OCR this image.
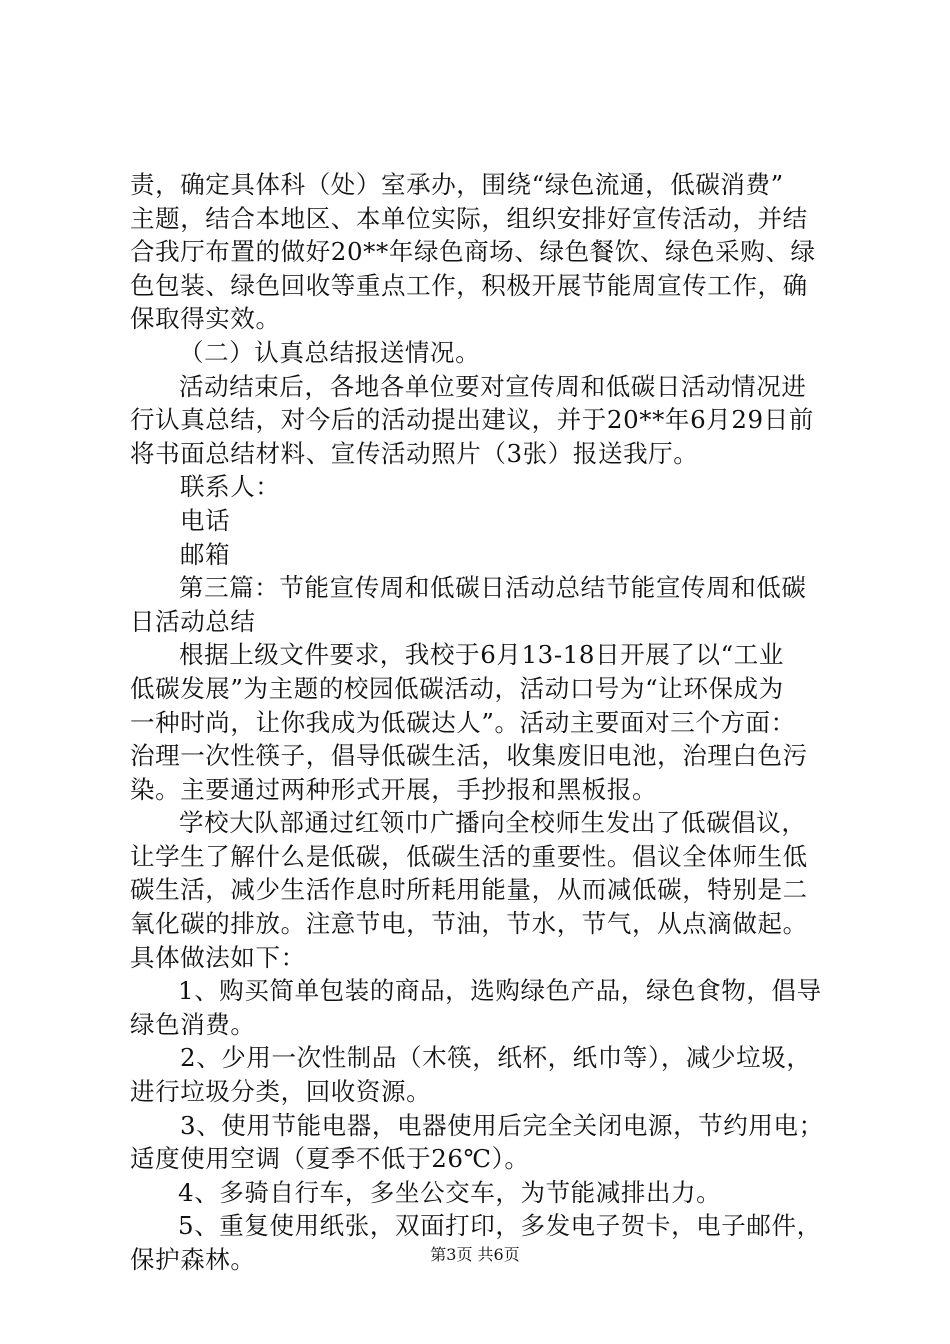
责，确定具体科（处）室承办，围绕“绿色流通，低碳消费”
主题，结合本地区、本单位实际，组织安排好宣传活动，并结
合我厅布置的做好20**年绿色商场、绿色餐饮、绿色采购、绿
色包装、绿色回收等重点工作，积极开展节能周宣传工作，确
保取得实效。
（二）认真总结报送情况。
活动结束后，各地各单位要对宣传周和低碳日活动情况进
行认真总结，对今后的活动提出建议，并于20**年6月29日前
将书面总结材料、宣传活动照片（3张）报送我厅。
联系人：
电话
邮箱
第三篇：节能宣传周和低碳日活动总结节能宣传周和低碳
日活动总结
根据上级文件要求，我校于6月13-18日开展了以“工业
低碳发展”为主题的校园低碳活动，活动口号为“让环保成为
一种时尚，让你我成为低碳达人”。活动主要面对三个方面：
治理一次性筷子，倡导低碳生活，收集废旧电池，治理白色污
染。主要通过两种形式开展，手抄报和黑板报。
学校大队部通过红领巾广播向全校师生发出了低碳倡议，
让学生了解什么是低碳，低碳生活的重要性。倡议全体师生低
碳生活，减少生活作息时所耗用能量，从而减低碳，特别是二
氧化碳的排放。注意节电，节油，节水，节气，从点滴做起。
具体做法如下：
1、购买简单包装的商品，选购绿色产品，绿色食物，倡导
绿色消费。
2、少用一次性制品（木筷，纸杯，纸巾等），减少垃圾，
进行垃圾分类，回收资源。
3、使用节能电器，电器使用后完全关闭电源，节约用电；
适度使用空调（夏季不低于26℃）。
4、多骑自行车，多坐公交车，为节能减排出力。
5、重复使用纸张，双面打印，多发电子贺卡，电子邮件，
保护森林。	第3页 共6页
